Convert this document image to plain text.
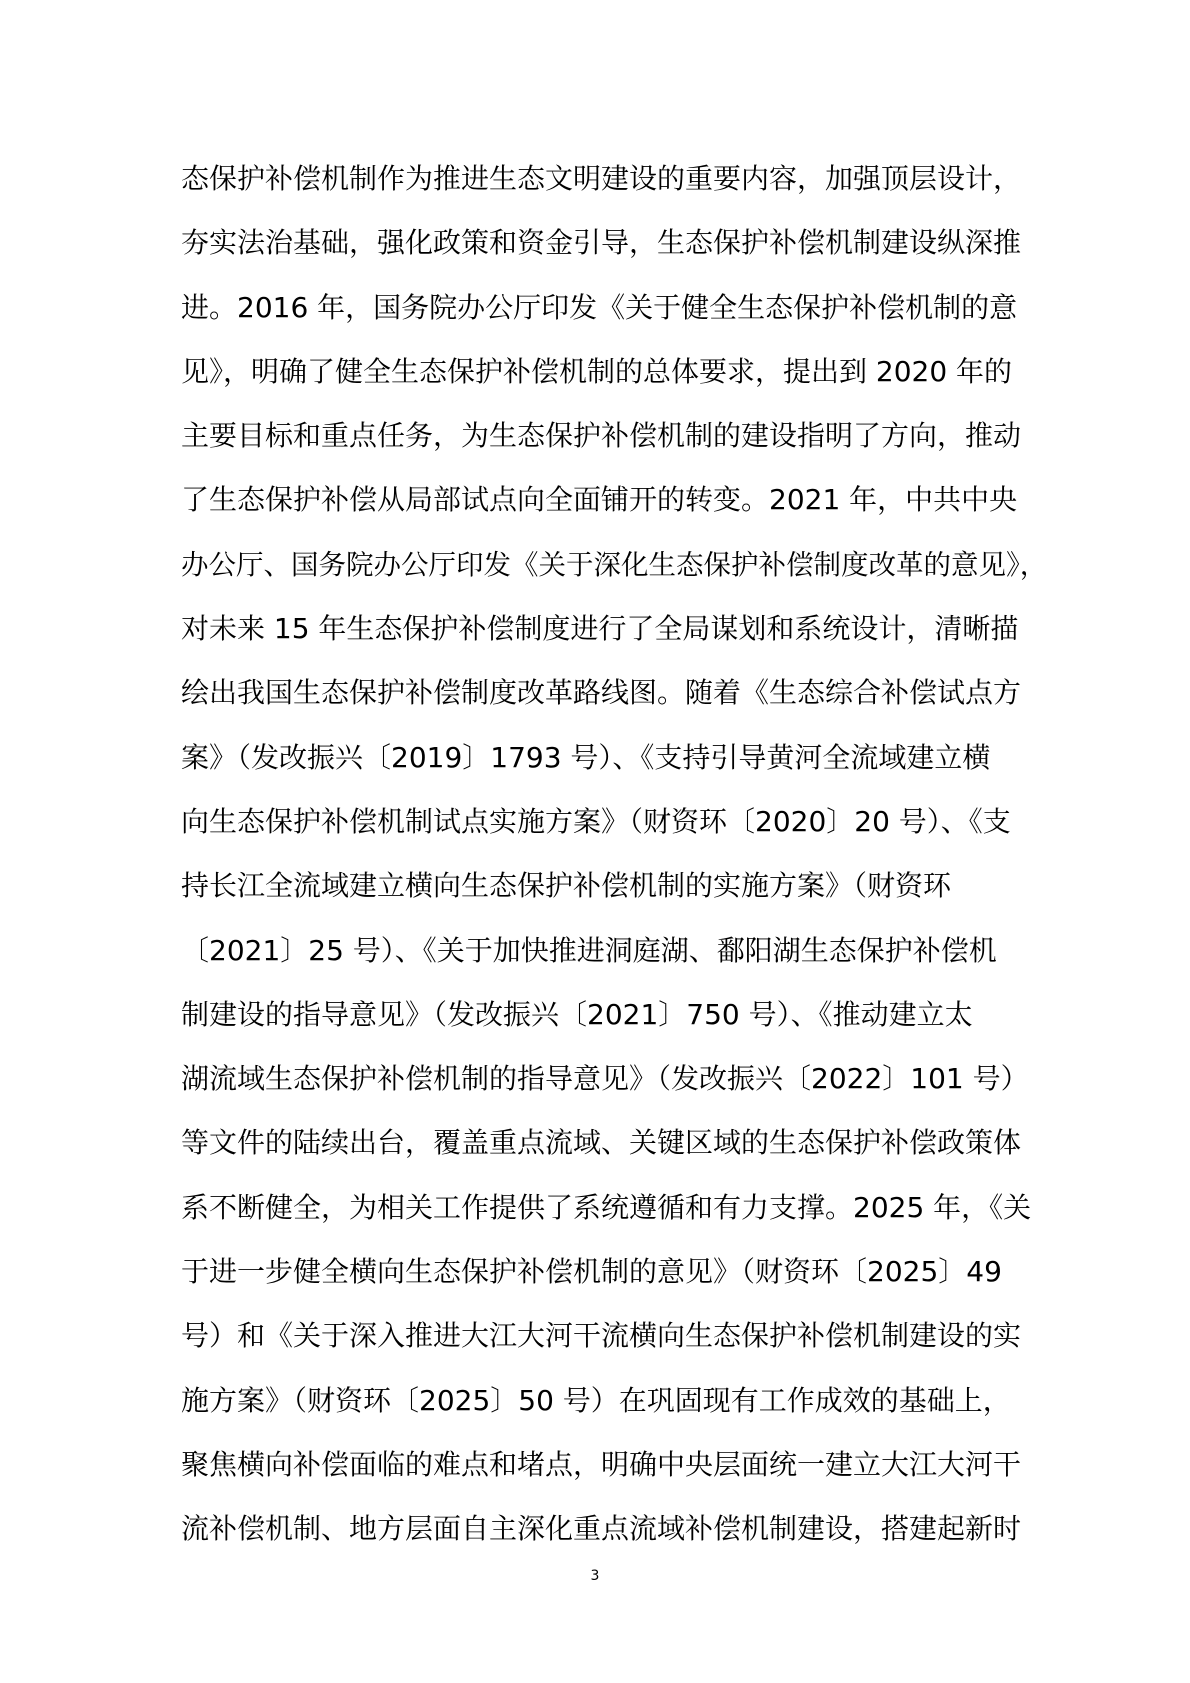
态保护补偿机制作为推进生态文明建设的重要内容，加强顶层设计，
夯实法治基础，强化政策和资金引导，生态保护补偿机制建设纵深推
进。2016 年，国务院办公厅印发《关于健全生态保护补偿机制的意
见》，明确了健全生态保护补偿机制的总体要求，提出到 2020 年的
主要目标和重点任务，为生态保护补偿机制的建设指明了方向，推动
了生态保护补偿从局部试点向全面铺开的转变。2021 年，中共中央
办公厅、国务院办公厅印发《关于深化生态保护补偿制度改革的意见》，
对未来 15 年生态保护补偿制度进行了全局谋划和系统设计，清晰描
绘出我国生态保护补偿制度改革路线图。随着《生态综合补偿试点方
案》（发改振兴〔2019〕1793 号）、《支持引导黄河全流域建立横
向生态保护补偿机制试点实施方案》（财资环〔2020〕20 号）、《支
持长江全流域建立横向生态保护补偿机制的实施方案》（财资环
〔2021〕25 号）、《关于加快推进洞庭湖、鄱阳湖生态保护补偿机
制建设的指导意见》（发改振兴〔2021〕750 号）、《推动建立太
湖流域生态保护补偿机制的指导意见》（发改振兴〔2022〕101 号）
等文件的陆续出台，覆盖重点流域、关键区域的生态保护补偿政策体
系不断健全，为相关工作提供了系统遵循和有力支撑。2025 年，《关
于进一步健全横向生态保护补偿机制的意见》（财资环〔2025〕49
号）和《关于深入推进大江大河干流横向生态保护补偿机制建设的实
施方案》（财资环〔2025〕50 号）在巩固现有工作成效的基础上，
聚焦横向补偿面临的难点和堵点，明确中央层面统一建立大江大河干
流补偿机制、地方层面自主深化重点流域补偿机制建设，搭建起新时
3
